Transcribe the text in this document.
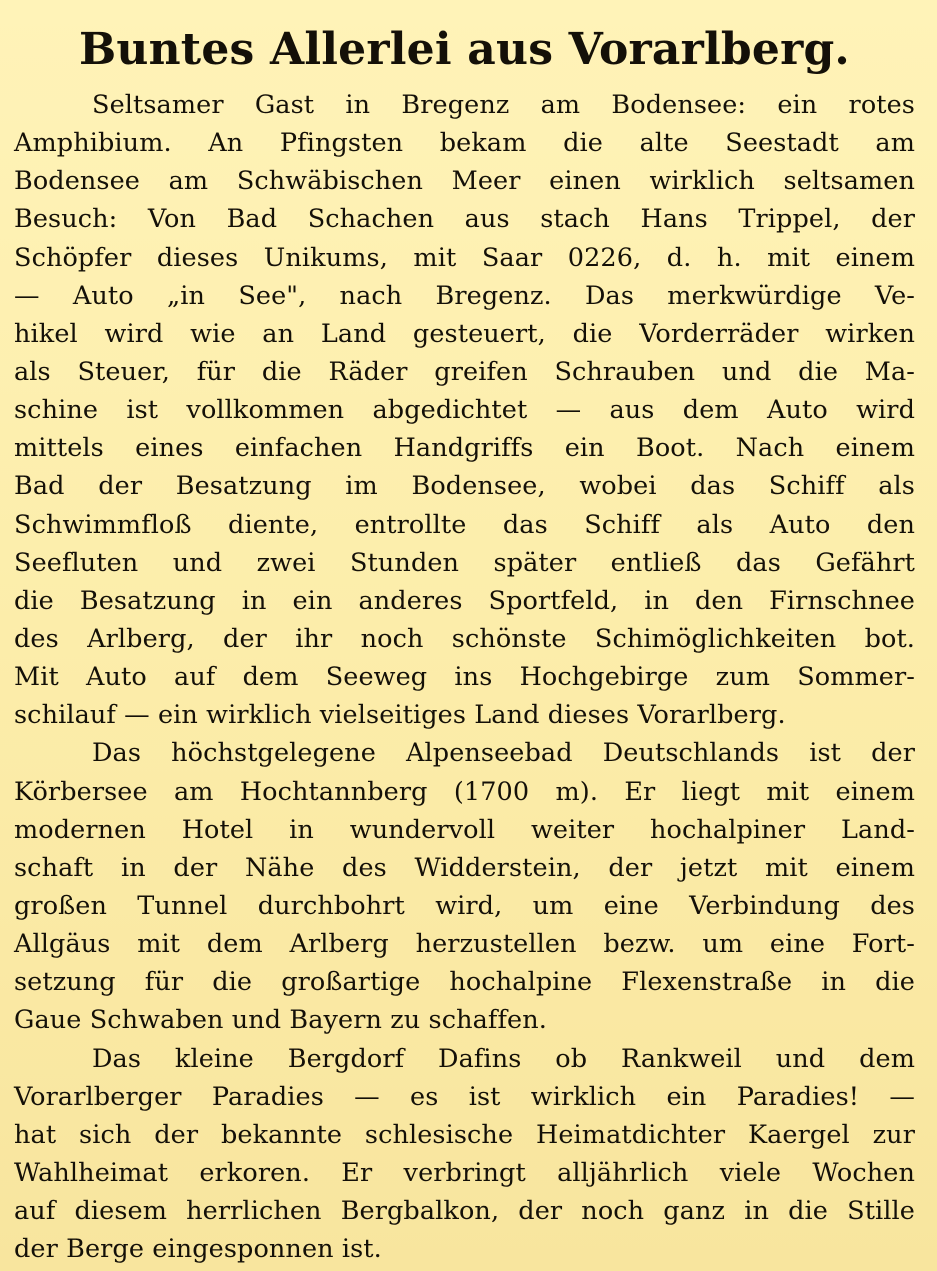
Buntes Allerlei aus Vorarlberg.
Seltsamer Gast in Bregenz am Bodensee: ein rotes
Amphibium. An Pfingsten bekam die alte Seestadt am
Bodensee am Schwäbischen Meer einen wirklich seltsamen
Besuch: Von Bad Schachen aus stach Hans Trippel, der
Schöpfer dieses Unikums, mit Saar 0226, d. h. mit einem
— Auto „in See", nach Bregenz. Das merkwürdige Ve-
hikel wird wie an Land gesteuert, die Vorderräder wirken
als Steuer, für die Räder greifen Schrauben und die Ma-
schine ist vollkommen abgedichtet — aus dem Auto wird
mittels eines einfachen Handgriffs ein Boot. Nach einem
Bad der Besatzung im Bodensee, wobei das Schiff als
Schwimmfloß diente, entrollte das Schiff als Auto den
Seefluten und zwei Stunden später entließ das Gefährt
die Besatzung in ein anderes Sportfeld, in den Firnschnee
des Arlberg, der ihr noch schönste Schimöglichkeiten bot.
Mit Auto auf dem Seeweg ins Hochgebirge zum Sommer-
schilauf — ein wirklich vielseitiges Land dieses Vorarlberg.
Das höchstgelegene Alpenseebad Deutschlands ist der
Körbersee am Hochtannberg (1700 m). Er liegt mit einem
modernen Hotel in wundervoll weiter hochalpiner Land-
schaft in der Nähe des Widderstein, der jetzt mit einem
großen Tunnel durchbohrt wird, um eine Verbindung des
Allgäus mit dem Arlberg herzustellen bezw. um eine Fort-
setzung für die großartige hochalpine Flexenstraße in die
Gaue Schwaben und Bayern zu schaffen.
Das kleine Bergdorf Dafins ob Rankweil und dem
Vorarlberger Paradies — es ist wirklich ein Paradies! —
hat sich der bekannte schlesische Heimatdichter Kaergel zur
Wahlheimat erkoren. Er verbringt alljährlich viele Wochen
auf diesem herrlichen Bergbalkon, der noch ganz in die Stille
der Berge eingesponnen ist.
